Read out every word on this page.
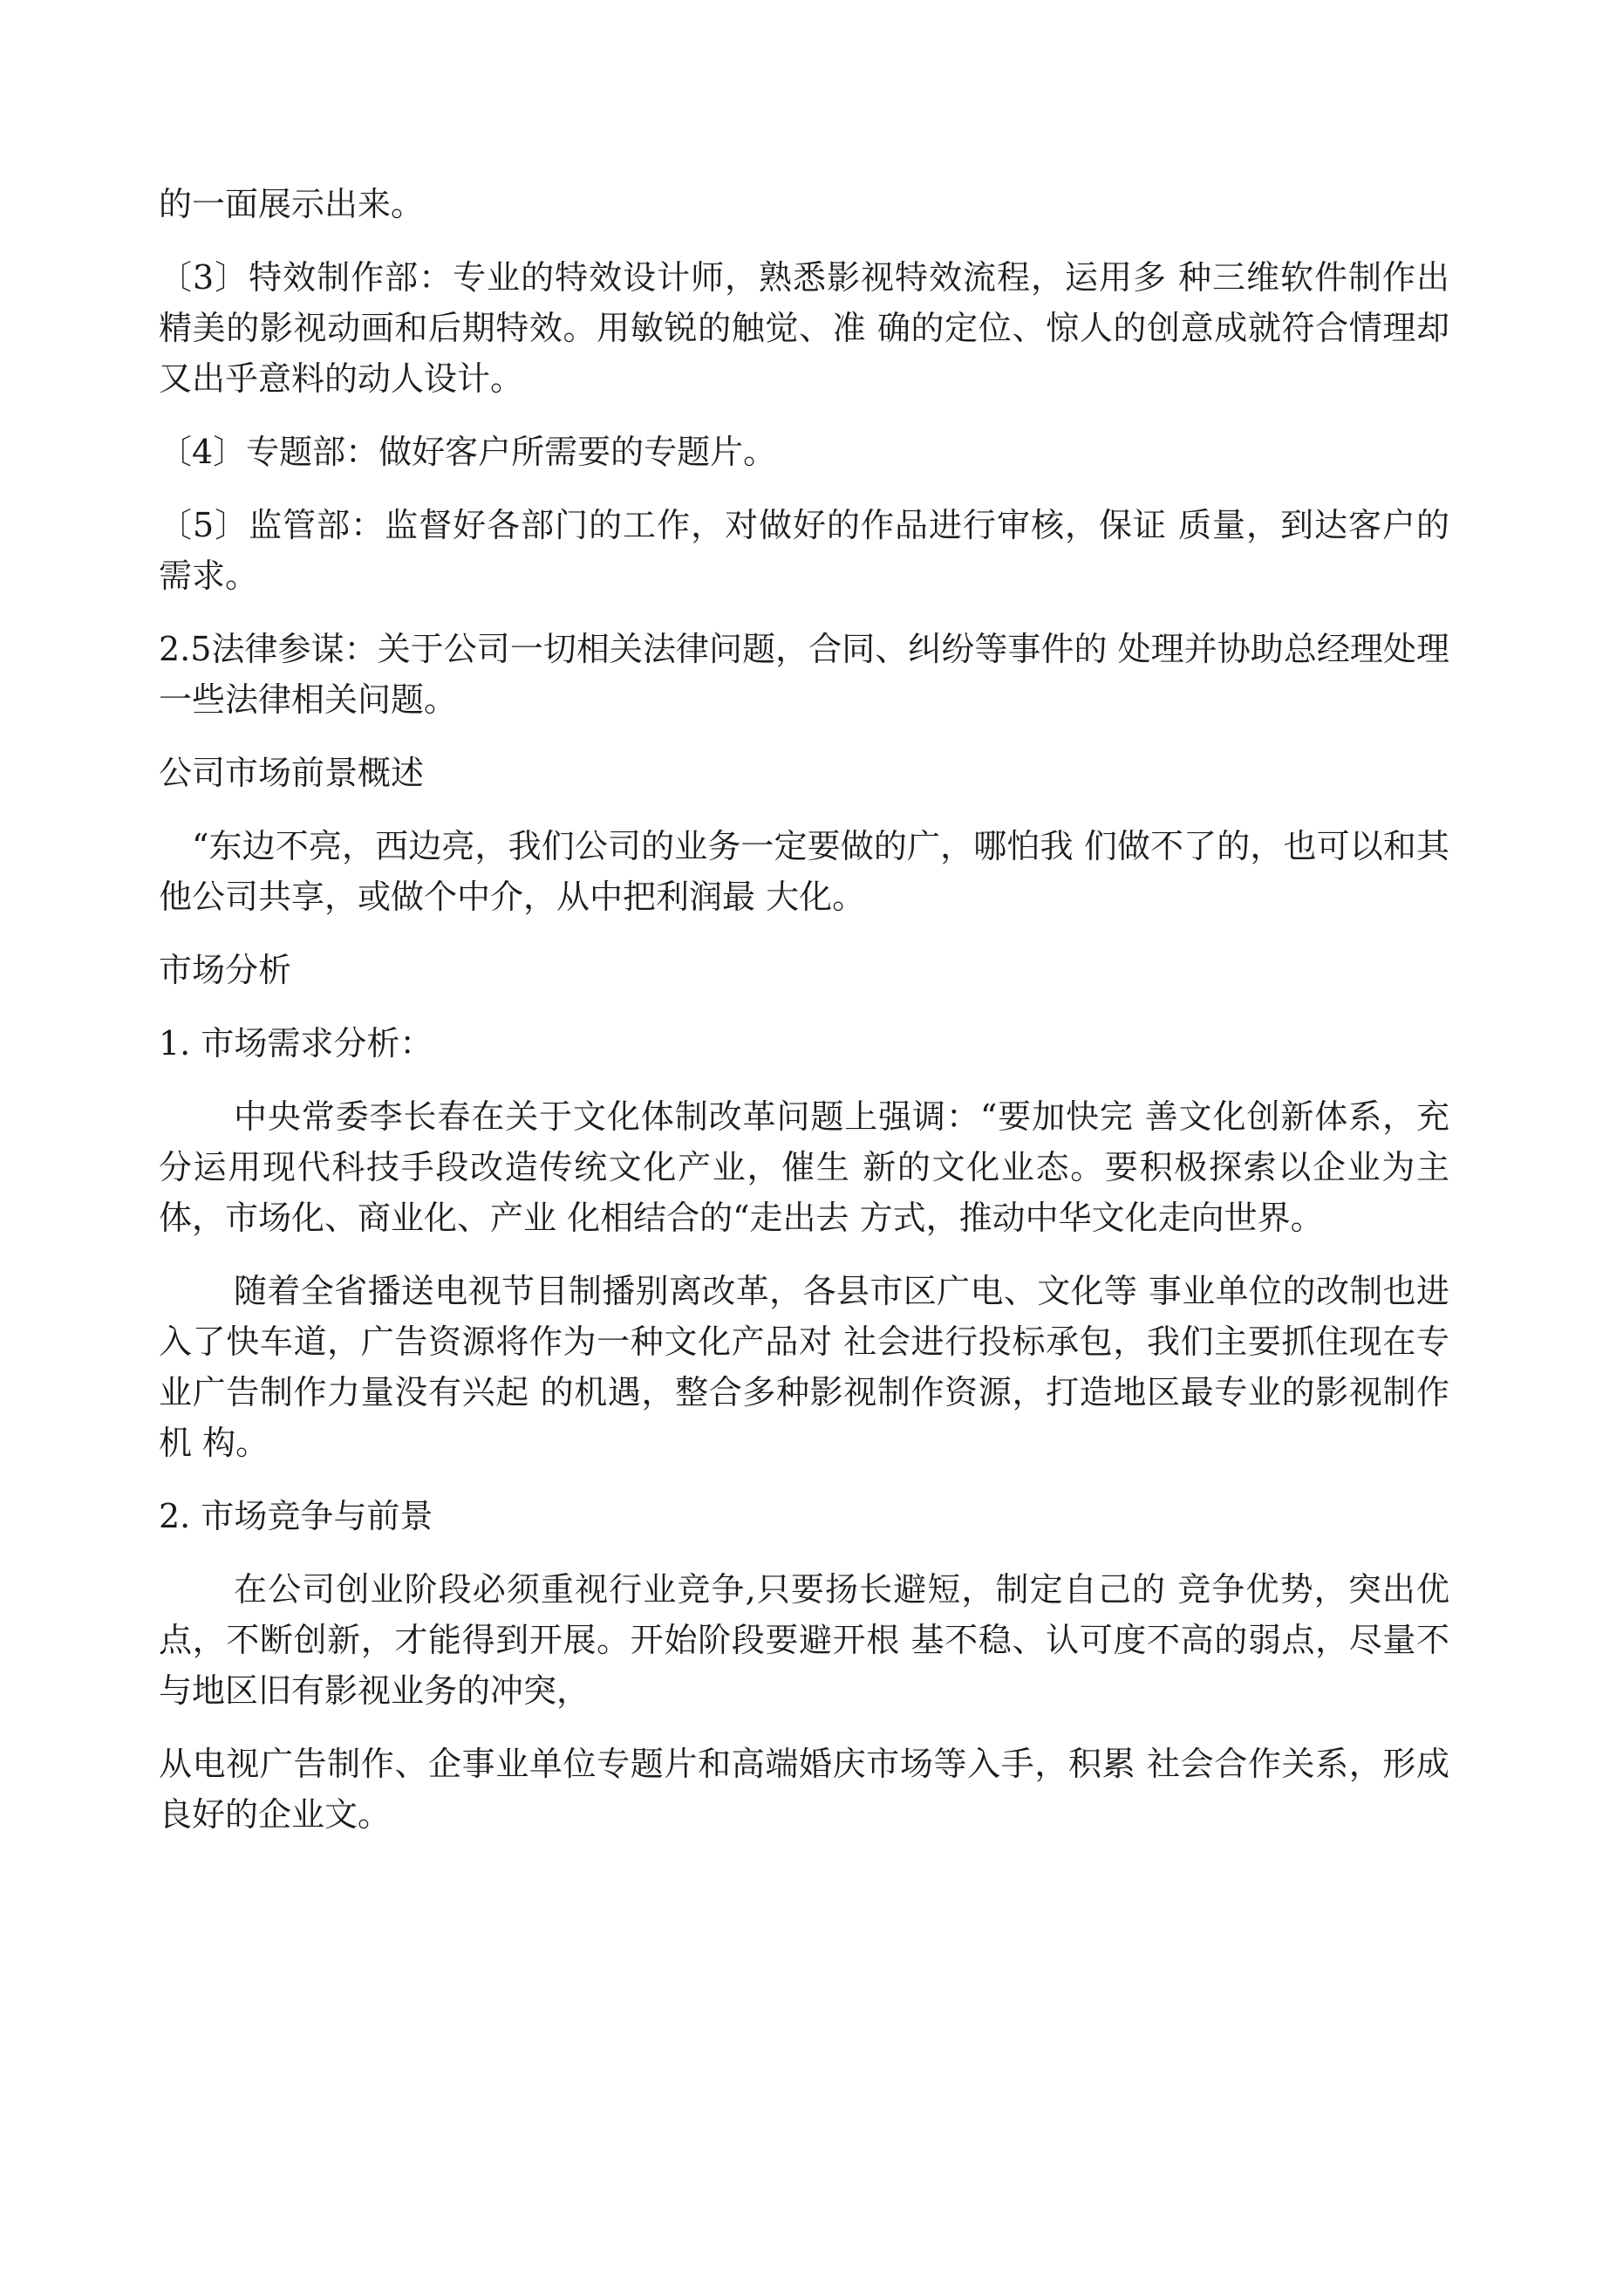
的一面展示出来。

〔3〕特效制作部：专业的特效设计师，熟悉影视特效流程，运用多 种三维软件制作出精美的影视动画和后期特效。用敏锐的触觉、准 确的定位、惊人的创意成就符合情理却又出乎意料的动人设计。

〔4〕专题部：做好客户所需要的专题片。

〔5〕监管部：监督好各部门的工作，对做好的作品进行审核，保证 质量，到达客户的需求。

2.5法律参谋：关于公司一切相关法律问题，合同、纠纷等事件的 处理并协助总经理处理一些法律相关问题。

公司市场前景概述

“东边不亮，西边亮，我们公司的业务一定要做的广，哪怕我 们做不了的，也可以和其他公司共享，或做个中介，从中把利润最 大化。

市场分析

1. 市场需求分析：

中央常委李长春在关于文化体制改革问题上强调：“要加快完 善文化创新体系，充分运用现代科技手段改造传统文化产业，催生 新的文化业态。要积极探索以企业为主体，市场化、商业化、产业 化相结合的“走出去 方式，推动中华文化走向世界。

随着全省播送电视节目制播别离改革，各县市区广电、文化等 事业单位的改制也进入了快车道，广告资源将作为一种文化产品对 社会进行投标承包，我们主要抓住现在专业广告制作力量没有兴起 的机遇，整合多种影视制作资源，打造地区最专业的影视制作机 构。

2. 市场竞争与前景

在公司创业阶段必须重视行业竞争,只要扬长避短，制定自己的 竞争优势，突出优点，不断创新，才能得到开展。开始阶段要避开根 基不稳、认可度不高的弱点，尽量不与地区旧有影视业务的冲突，

从电视广告制作、企事业单位专题片和高端婚庆市场等入手，积累 社会合作关系，形成良好的企业文。
